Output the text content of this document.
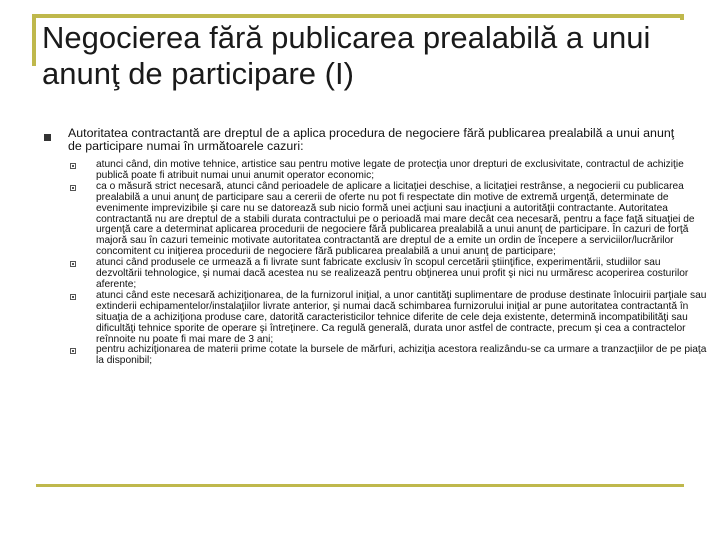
Negocierea fără publicarea prealabilă a unui anunţ de participare (I)
Autoritatea contractantă are dreptul de a aplica procedura de negociere fără publicarea prealabilă a unui anunţ de participare numai în următoarele cazuri:
atunci când, din motive tehnice, artistice sau pentru motive legate de protecţia unor drepturi de exclusivitate, contractul de achiziţie publică poate fi atribuit numai unui anumit operator economic;
ca o măsură strict necesară, atunci când perioadele de aplicare a licitaţiei deschise, a licitaţiei restrânse, a negocierii cu publicarea prealabilă a unui anunţ de participare sau a cererii de oferte nu pot fi respectate din motive de extremă urgenţă, determinate de evenimente imprevizibile şi care nu se datorează sub nicio formă unei acţiuni sau inacţiuni a autorităţii contractante. Autoritatea contractantă nu are dreptul de a stabili durata contractului pe o perioadă mai mare decât cea necesară, pentru a face faţă situaţiei de urgenţă care a determinat aplicarea procedurii de negociere fără publicarea prealabilă a unui anunţ de participare. În cazuri de forţă majoră sau în cazuri temeinic motivate autoritatea contractantă are dreptul de a emite un ordin de începere a serviciilor/lucrărilor concomitent cu iniţierea procedurii de negociere fără publicarea prealabilă a unui anunţ de participare;
atunci când produsele ce urmează a fi livrate sunt fabricate exclusiv în scopul cercetării ştiinţifice, experimentării, studiilor sau dezvoltării tehnologice, şi numai dacă acestea nu se realizează pentru obţinerea unui profit şi nici nu urmăresc acoperirea costurilor aferente;
atunci când este necesară achiziţionarea, de la furnizorul iniţial, a unor cantităţi suplimentare de produse destinate înlocuirii parţiale sau extinderii echipamentelor/instalaţiilor livrate anterior, şi numai dacă schimbarea furnizorului iniţial ar pune autoritatea contractantă în situaţia de a achiziţiona produse care, datorită caracteristicilor tehnice diferite de cele deja existente, determină incompatibilităţi sau dificultăţi tehnice sporite de operare şi întreţinere. Ca regulă generală, durata unor astfel de contracte, precum şi cea a contractelor reînnoite nu poate fi mai mare de 3 ani;
pentru achiziţionarea de materii prime cotate la bursele de mărfuri, achiziţia acestora realizându-se ca urmare a tranzacţiilor de pe piaţa la disponibil;
